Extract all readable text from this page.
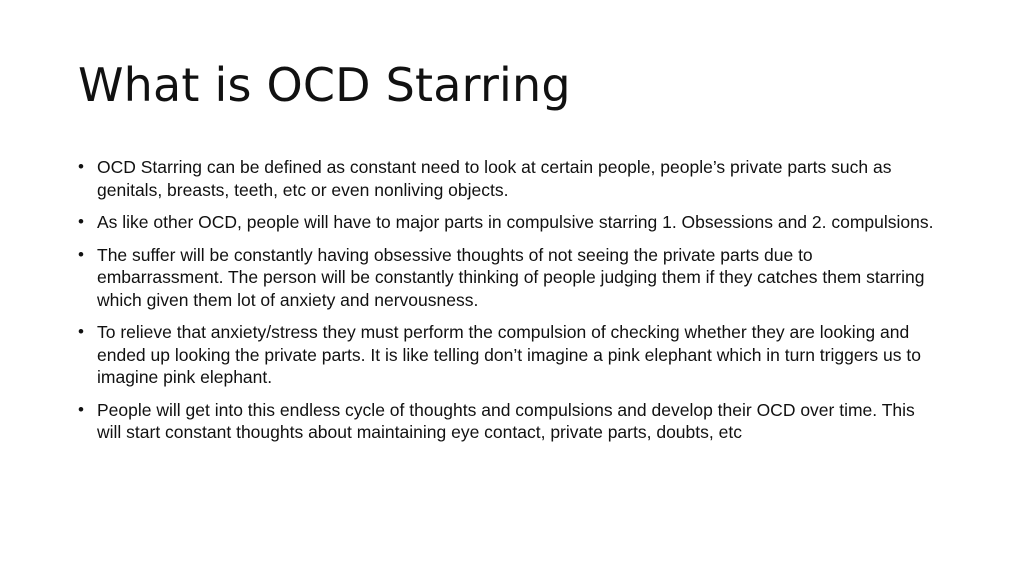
What is OCD Starring
• OCD Starring can be defined as constant need to look at certain people, people’s private parts such as genitals, breasts, teeth, etc or even nonliving objects.
• As like other OCD, people will have to major parts in compulsive starring 1. Obsessions and 2. compulsions.
• The suffer will be constantly having obsessive thoughts of not seeing the private parts due to embarrassment. The person will be constantly thinking of people judging them if they catches them starring which given them lot of anxiety and nervousness.
• To relieve that anxiety/stress they must perform the compulsion of checking whether they are looking and ended up looking the private parts. It is like telling don’t imagine a pink elephant which in turn triggers us to imagine pink elephant.
• People will get into this endless cycle of thoughts and compulsions and develop their OCD over time. This will start constant thoughts about maintaining eye contact, private parts, doubts, etc
